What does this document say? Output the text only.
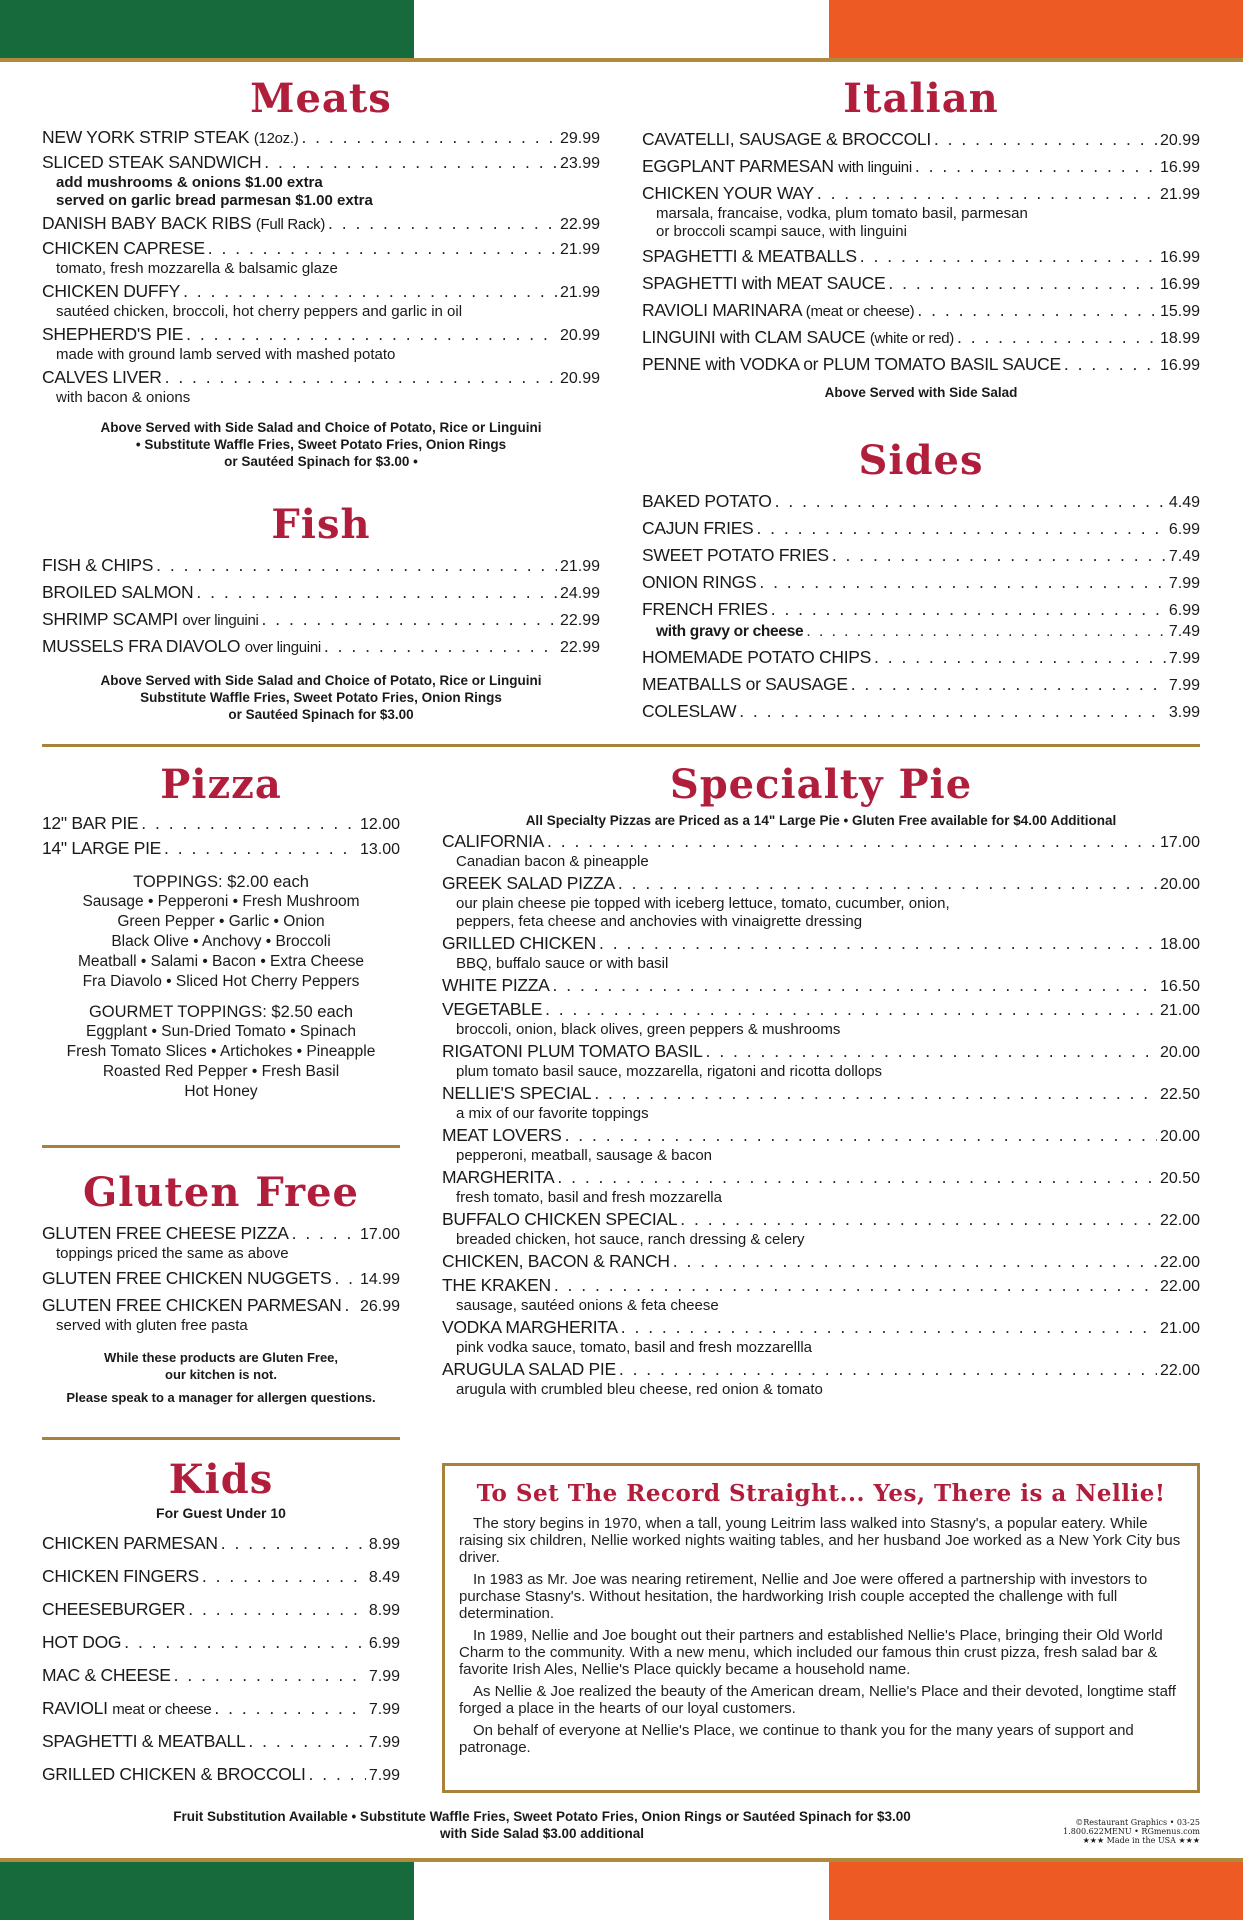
Meats
NEW YORK STRIP STEAK (12oz.) . . .	29.99
SLICED STEAK SANDWICH . . .	23.99
add mushrooms & onions $1.00 extra
served on garlic bread parmesan $1.00 extra
DANISH BABY BACK RIBS (Full Rack) . . .	22.99
CHICKEN CAPRESE . . .	21.99
tomato, fresh mozzarella & balsamic glaze
CHICKEN DUFFY . . .	21.99
sautéed chicken, broccoli, hot cherry peppers and garlic in oil
SHEPHERD'S PIE . . .	20.99
made with ground lamb served with mashed potato
CALVES LIVER . . .	20.99
with bacon & onions
Above Served with Side Salad and Choice of Potato, Rice or Linguini
• Substitute Waffle Fries, Sweet Potato Fries, Onion Rings
or Sautéed Spinach for $3.00 •
Fish
FISH & CHIPS . . .	21.99
BROILED SALMON . . .	24.99
SHRIMP SCAMPI over linguini . . .	22.99
MUSSELS FRA DIAVOLO over linguini . . .	22.99
Above Served with Side Salad and Choice of Potato, Rice or Linguini
Substitute Waffle Fries, Sweet Potato Fries, Onion Rings
or Sautéed Spinach for $3.00
Italian
CAVATELLI, SAUSAGE & BROCCOLI . . .	20.99
EGGPLANT PARMESAN with linguini . . .	16.99
CHICKEN YOUR WAY . . .	21.99
marsala, francaise, vodka, plum tomato basil, parmesan
or broccoli scampi sauce, with linguini
SPAGHETTI & MEATBALLS . . .	16.99
SPAGHETTI with MEAT SAUCE . . .	16.99
RAVIOLI MARINARA (meat or cheese) . . .	15.99
LINGUINI with CLAM SAUCE (white or red) . . .	18.99
PENNE with VODKA or PLUM TOMATO BASIL SAUCE . . .	16.99
Above Served with Side Salad
Sides
BAKED POTATO . . .	4.49
CAJUN FRIES . . .	6.99
SWEET POTATO FRIES . . .	7.49
ONION RINGS . . .	7.99
FRENCH FRIES . . .	6.99
with gravy or cheese . . .	7.49
HOMEMADE POTATO CHIPS . . .	7.99
MEATBALLS or SAUSAGE . . .	7.99
COLESLAW . . .	3.99
Pizza
12" BAR PIE . . .	12.00
14" LARGE PIE . . .	13.00
TOPPINGS: $2.00 each
Sausage • Pepperoni • Fresh Mushroom
Green Pepper • Garlic • Onion
Black Olive • Anchovy • Broccoli
Meatball • Salami • Bacon • Extra Cheese
Fra Diavolo • Sliced Hot Cherry Peppers
GOURMET TOPPINGS: $2.50 each
Eggplant • Sun-Dried Tomato • Spinach
Fresh Tomato Slices • Artichokes • Pineapple
Roasted Red Pepper • Fresh Basil
Hot Honey
Gluten Free
GLUTEN FREE CHEESE PIZZA . . .	17.00
toppings priced the same as above
GLUTEN FREE CHICKEN NUGGETS . . . 14.99
GLUTEN FREE CHICKEN PARMESAN . . . 26.99
served with gluten free pasta
While these products are Gluten Free,
our kitchen is not.
Please speak to a manager for allergen questions.
Kids
For Guest Under 10
CHICKEN PARMESAN . . .	8.99
CHICKEN FINGERS . . .	8.49
CHEESEBURGER . . .	8.99
HOT DOG . . .	6.99
MAC & CHEESE . . .	7.99
RAVIOLI meat or cheese . . .	7.99
SPAGHETTI & MEATBALL . . .	7.99
GRILLED CHICKEN & BROCCOLI . . .	7.99
Specialty Pie
All Specialty Pizzas are Priced as a 14" Large Pie • Gluten Free available for $4.00 Additional
CALIFORNIA . . .	17.00
Canadian bacon & pineapple
GREEK SALAD PIZZA . . .	20.00
our plain cheese pie topped with iceberg lettuce, tomato, cucumber, onion,
peppers, feta cheese and anchovies with vinaigrette dressing
GRILLED CHICKEN . . .	18.00
BBQ, buffalo sauce or with basil
WHITE PIZZA . . .	16.50
VEGETABLE . . .	21.00
broccoli, onion, black olives, green peppers & mushrooms
RIGATONI PLUM TOMATO BASIL . . .	20.00
plum tomato basil sauce, mozzarella, rigatoni and ricotta dollops
NELLIE'S SPECIAL . . .	22.50
a mix of our favorite toppings
MEAT LOVERS . . .	20.00
pepperoni, meatball, sausage & bacon
MARGHERITA . . .	20.50
fresh tomato, basil and fresh mozzarella
BUFFALO CHICKEN SPECIAL . . .	22.00
breaded chicken, hot sauce, ranch dressing & celery
CHICKEN, BACON & RANCH . . .	22.00
THE KRAKEN . . .	22.00
sausage, sautéed onions & feta cheese
VODKA MARGHERITA . . .	21.00
pink vodka sauce, tomato, basil and fresh mozzarellla
ARUGULA SALAD PIE . . .	22.00
arugula with crumbled bleu cheese, red onion & tomato
To Set The Record Straight... Yes, There is a Nellie!

The story begins in 1970, when a tall, young Leitrim lass walked into Stasny's, a popular eatery. While raising six children, Nellie worked nights waiting tables, and her husband Joe worked as a New York City bus driver.

In 1983 as Mr. Joe was nearing retirement, Nellie and Joe were offered a partnership with investors to purchase Stasny's. Without hesitation, the hardworking Irish couple accepted the challenge with full determination.

In 1989, Nellie and Joe bought out their partners and established Nellie's Place, bringing their Old World Charm to the community. With a new menu, which included our famous thin crust pizza, fresh salad bar & favorite Irish Ales, Nellie's Place quickly became a household name.

As Nellie & Joe realized the beauty of the American dream, Nellie's Place and their devoted, longtime staff forged a place in the hearts of our loyal customers.

On behalf of everyone at Nellie's Place, we continue to thank you for the many years of support and patronage.

Fruit Substitution Available • Substitute Waffle Fries, Sweet Potato Fries, Onion Rings or Sautéed Spinach for $3.00
with Side Salad $3.00 additional
©Restaurant Graphics • 03-25
1.800.622MENU • RGmenus.com
★★★ Made in the USA ★★★
